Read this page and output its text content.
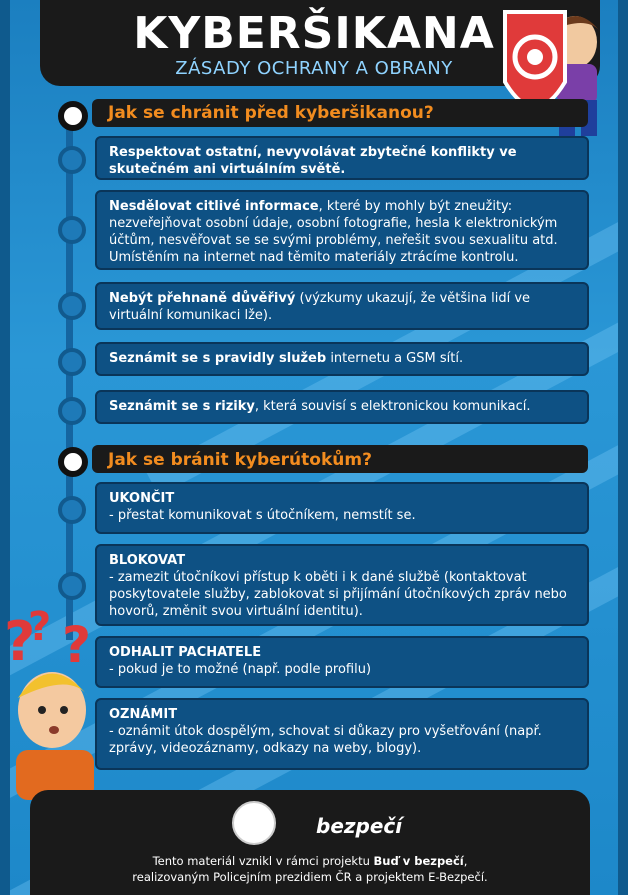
KYBERŠIKANA
ZÁSADY OCHRANY A OBRANY
Jak se chránit před kyberšikanou?
Respektovat ostatní, nevyvolávat zbytečné konflikty ve skutečném ani virtuálním světě.
Nesdělovat citlivé informace, které by mohly být zneužity: nezveřejňovat osobní údaje, osobní fotografie, hesla k elektronickým účtům, nesvěřovat se se svými problémy, neřešit svou sexualitu atd. Umístěním na internet nad těmito materiály ztrácíme kontrolu.
Nebýt přehnaně důvěřivý (výzkumy ukazují, že většina lidí ve virtuální komunikaci lže).
Seznámit se s pravidly služeb internetu a GSM sítí.
Seznámit se s riziky, která souvisí s elektronickou komunikací.
Jak se bránit kyberútokům?
UKONČIT
- přestat komunikovat s útočníkem, nemstít se.
BLOKOVAT
- zamezit útočníkovi přístup k oběti i k dané službě (kontaktovat poskytovatele služby, zablokovat si přijímání útočníkových zpráv nebo hovorů, změnit svou virtuální identitu).
ODHALIT PACHATELE
- pokud je to možné (např. podle profilu)
OZNÁMIT
- oznámit útok dospělým, schovat si důkazy pro vyšetřování (např. zprávy, videozáznamy, odkazy na weby, blogy).
? ?
?
bezpečí
Tento materiál vznikl v rámci projektu Buď v bezpečí,
realizovaným Policejním prezidiem ČR a projektem E-Bezpečí.
